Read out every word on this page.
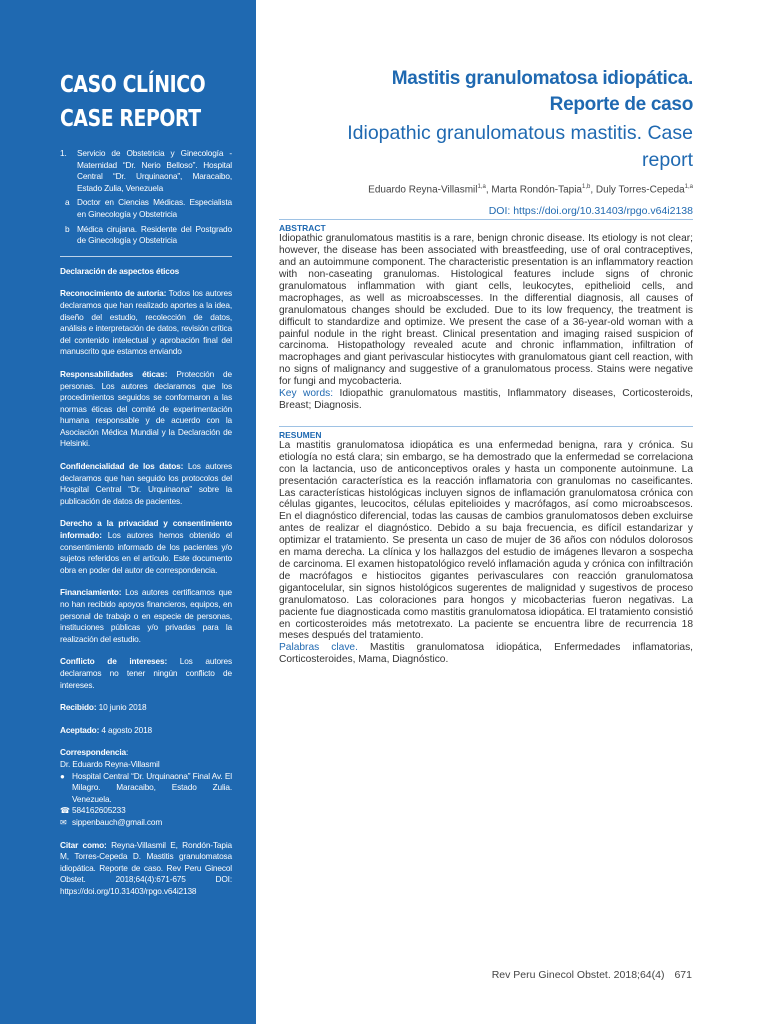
CASO CLÍNICO
CASE REPORT
1.	Servicio de Obstetricia y Ginecología - Maternidad “Dr. Nerio Belloso”. Hospital Central “Dr. Urquinaona”, Maracaibo, Estado Zulia, Venezuela
a Doctor en Ciencias Médicas. Especialista en Ginecología y Obstetricia
b Médica cirujana. Residente del Postgrado de Ginecología y Obstetricia
Declaración de aspectos éticos
Reconocimiento de autoría: Todos los autores declaramos que han realizado aportes a la idea, diseño del estudio, recolección de datos, análisis e interpretación de datos, revisión crítica del contenido intelectual y aprobación final del manuscrito que estamos enviando
Responsabilidades éticas: Protección de personas. Los autores declaramos que los procedimientos seguidos se conformaron a las normas éticas del comité de experimentación humana responsable y de acuerdo con la Asociación Médica Mundial y la Declaración de Helsinki.
Confidencialidad de los datos: Los autores declaramos que han seguido los protocolos del Hospital Central “Dr. Urquinaona” sobre la publicación de datos de pacientes.
Derecho a la privacidad y consentimiento informado: Los autores hemos obtenido el consentimiento informado de los pacientes y/o sujetos referidos en el artículo. Este documento obra en poder del autor de correspondencia.
Financiamiento: Los autores certificamos que no han recibido apoyos financieros, equipos, en personal de trabajo o en especie de personas, instituciones públicas y/o privadas para la realización del estudio.
Conflicto de intereses: Los autores declaramos no tener ningún conflicto de intereses.
Recibido: 10 junio 2018
Aceptado: 4 agosto 2018
Correspondencia:
Dr. Eduardo Reyna-Villasmil
● Hospital Central “Dr. Urquinaona” Final Av. El Milagro. Maracaibo, Estado Zulia. Venezuela.
☎ 584162605233
✉ sippenbauch@gmail.com
Citar como: Reyna-Villasmil E, Rondón-Tapia M, Torres-Cepeda D. Mastitis granulomatosa idiopática. Reporte de caso. Rev Peru Ginecol Obstet. 2018;64(4):671-675 DOI: https://doi.org/10.31403/rpgo.v64i2138
Mastitis granulomatosa idiopática.
Reporte de caso
Idiopathic granulomatous mastitis. Case
report
Eduardo Reyna-Villasmil$^{1,a}$, Marta Rondón-Tapia$^{1,b}$, Duly Torres-Cepeda$^{1,a}$
DOI: https://doi.org/10.31403/rpgo.v64i2138
ABSTRACT
Idiopathic granulomatous mastitis is a rare, benign chronic disease. Its etiology is not clear; however, the disease has been associated with breastfeeding, use of oral contraceptives, and an autoimmune component. The characteristic presentation is an inflammatory reaction with non-caseating granulomas. Histological features include signs of chronic granulomatous inflammation with giant cells, leukocytes, epithelioid cells, and macrophages, as well as microabscesses. In the differential diagnosis, all causes of granulomatous changes should be excluded. Due to its low frequency, the treatment is difficult to standardize and optimize. We present the case of a 36-year-old woman with a painful nodule in the right breast. Clinical presentation and imaging raised suspicion of carcinoma. Histopathology revealed acute and chronic inflammation, infiltration of macrophages and giant perivascular histiocytes with granulomatous giant cell reaction, with no signs of malignancy and suggestive of a granulomatous process. Stains were negative for fungi and mycobacteria.
Key words: Idiopathic granulomatous mastitis, Inflammatory diseases, Corticosteroids, Breast; Diagnosis.
RESUMEN
La mastitis granulomatosa idiopática es una enfermedad benigna, rara y crónica. Su etiología no está clara; sin embargo, se ha demostrado que la enfermedad se correlaciona con la lactancia, uso de anticonceptivos orales y hasta un componente autoinmune. La presentación característica es la reacción inflamatoria con granulomas no caseificantes. Las características histológicas incluyen signos de inflamación granulomatosa crónica con células gigantes, leucocitos, células epitelioides y macrófagos, así como microabscesos. En el diagnóstico diferencial, todas las causas de cambios granulomatosos deben excluirse antes de realizar el diagnóstico. Debido a su baja frecuencia, es difícil estandarizar y optimizar el tratamiento. Se presenta un caso de mujer de 36 años con nódulos dolorosos en mama derecha. La clínica y los hallazgos del estudio de imágenes llevaron a sospecha de carcinoma. El examen histopatológico reveló inflamación aguda y crónica con infiltración de macrófagos e histiocitos gigantes perivasculares con reacción granulomatosa gigantocelular, sin signos histológicos sugerentes de malignidad y sugestivos de proceso granulomatoso. Las coloraciones para hongos y micobacterias fueron negativas. La paciente fue diagnosticada como mastitis granulomatosa idiopática. El tratamiento consistió en corticosteroides más metotrexato. La paciente se encuentra libre de recurrencia 18 meses después del tratamiento.
Palabras clave. Mastitis granulomatosa idiopática, Enfermedades inflamatorias, Corticosteroides, Mama, Diagnóstico.
Rev Peru Ginecol Obstet. 2018;64(4) 671
